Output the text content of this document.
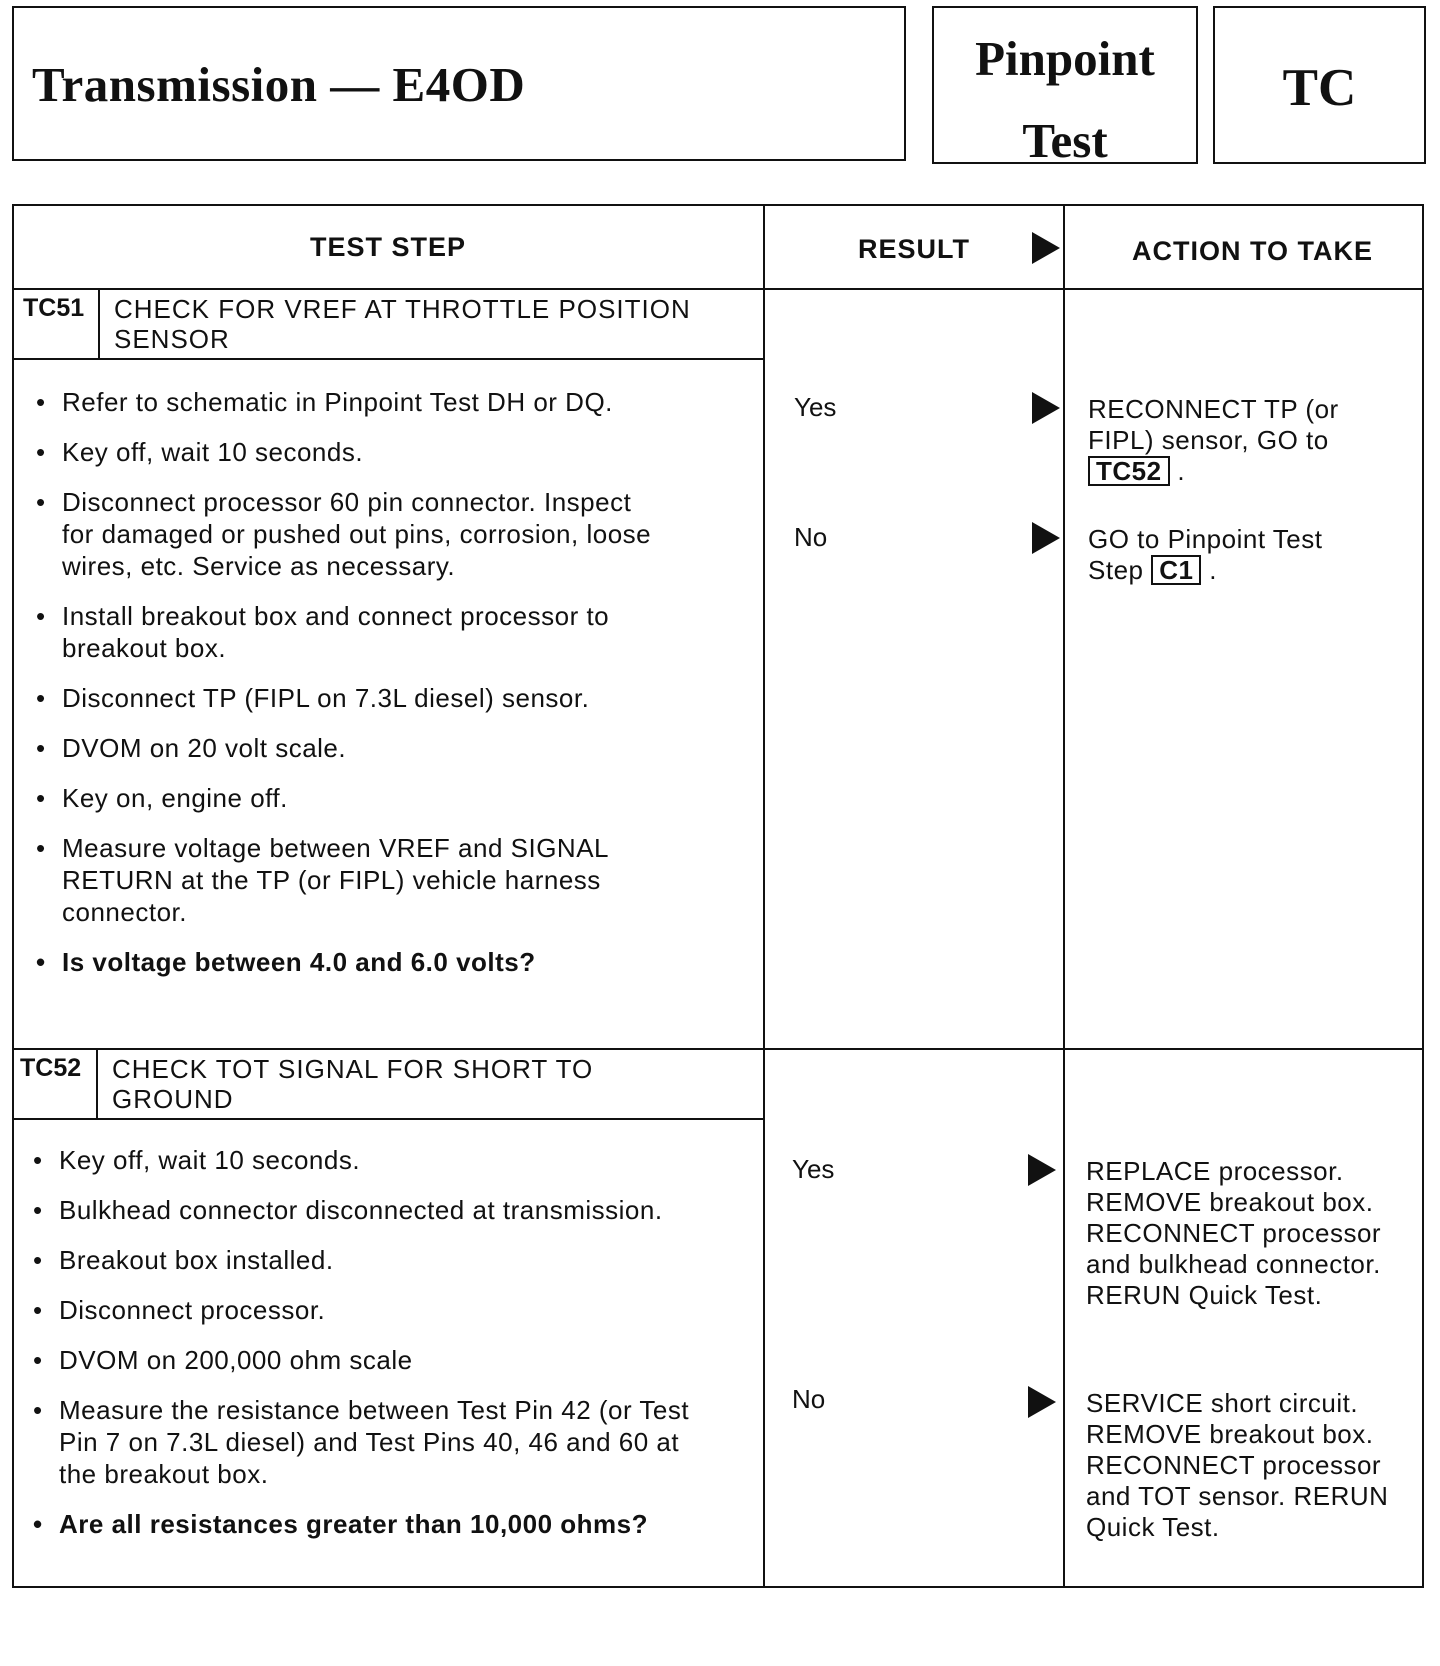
Transmission — E4OD	Pinpoint
Test
TC
TEST STEP	RESULT	ACTION TO TAKE
TC51 CHECK FOR VREF AT THROTTLE POSITION SENSOR
• Refer to schematic in Pinpoint Test DH or DQ.
• Key off, wait 10 seconds.
• Disconnect processor 60 pin connector. Inspect for damaged or pushed out pins, corrosion, loose wires, etc. Service as necessary.
• Install breakout box and connect processor to breakout box.
• Disconnect TP (FIPL on 7.3L diesel) sensor.
• DVOM on 20 volt scale.
• Key on, engine off.
• Measure voltage between VREF and SIGNAL RETURN at the TP (or FIPL) vehicle harness connector.
• Is voltage between 4.0 and 6.0 volts?
Yes	RECONNECT TP (or FIPL) sensor, GO to TC52 .
No	GO to Pinpoint Test Step C1 .
TC52 CHECK TOT SIGNAL FOR SHORT TO GROUND
• Key off, wait 10 seconds.
• Bulkhead connector disconnected at transmission.
• Breakout box installed.
• Disconnect processor.
• DVOM on 200,000 ohm scale
• Measure the resistance between Test Pin 42 (or Test Pin 7 on 7.3L diesel) and Test Pins 40, 46 and 60 at the breakout box.
• Are all resistances greater than 10,000 ohms?
Yes	REPLACE processor. REMOVE breakout box. RECONNECT processor and bulkhead connector. RERUN Quick Test.
No	SERVICE short circuit. REMOVE breakout box. RECONNECT processor and TOT sensor. RERUN Quick Test.
